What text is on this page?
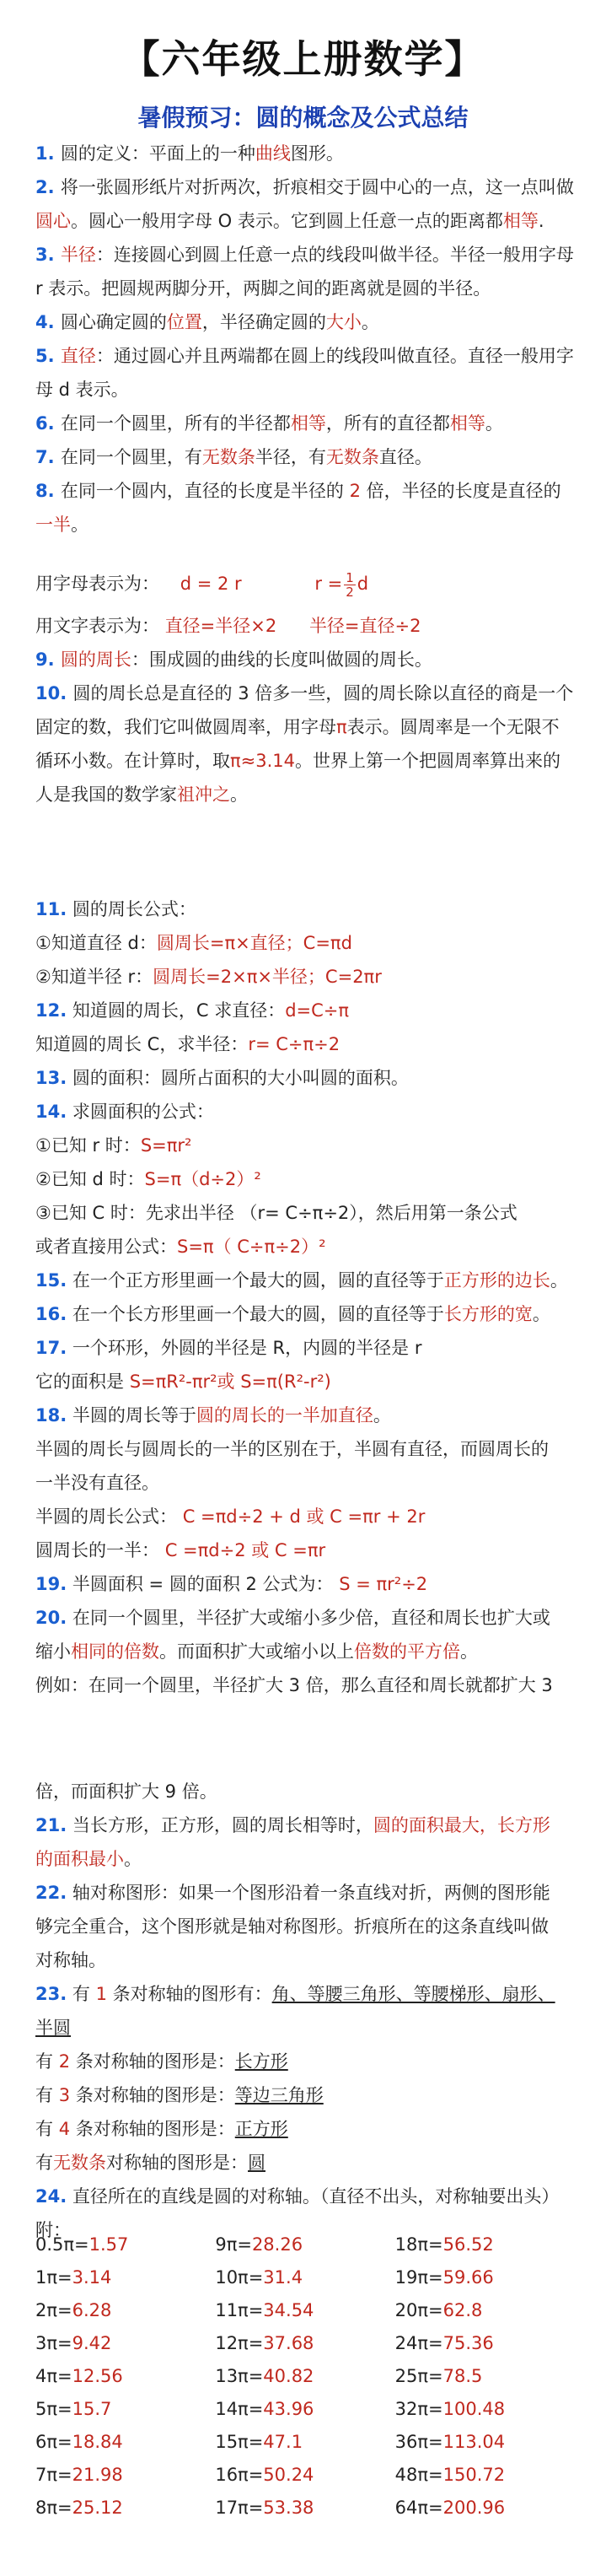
【六年级上册数学】
暑假预习：圆的概念及公式总结
1. 圆的定义：平面上的一种曲线图形。
2. 将一张圆形纸片对折两次，折痕相交于圆中心的一点，这一点叫做圆心。圆心一般用字母 O 表示。它到圆上任意一点的距离都相等.
3. 半径：连接圆心到圆上任意一点的线段叫做半径。半径一般用字母 r 表示。把圆规两脚分开，两脚之间的距离就是圆的半径。
4. 圆心确定圆的位置，半径确定圆的大小。
5. 直径：通过圆心并且两端都在圆上的线段叫做直径。直径一般用字母 d 表示。
6. 在同一个圆里，所有的半径都相等，所有的直径都相等。
7. 在同一个圆里，有无数条半径，有无数条直径。
8. 在同一个圆内，直径的长度是半径的 2 倍，半径的长度是直径的一半。
用字母表示为： d = 2 r	$r = \frac{1}{2}$ d
用文字表示为： 直径=半径×2 半径=直径÷2
9. 圆的周长：围成圆的曲线的长度叫做圆的周长。
10. 圆的周长总是直径的 3 倍多一些，圆的周长除以直径的商是一个固定的数，我们它叫做圆周率，用字母π表示。圆周率是一个无限不循环小数。在计算时，取π≈3.14。世界上第一个把圆周率算出来的人是我国的数学家祖冲之。
11. 圆的周长公式：
①知道直径 d：圆周长=π×直径；C=πd
②知道半径 r：圆周长=2×π×半径；C=2πr
12. 知道圆的周长，C 求直径：d=C÷π
知道圆的周长 C，求半径：r= C÷π÷2
13. 圆的面积：圆所占面积的大小叫圆的面积。
14. 求圆面积的公式：
①已知 r 时：S=πr²
②已知 d 时：S=π（d÷2）²
③已知 C 时：先求出半径 （r= C÷π÷2），然后用第一条公式
或者直接用公式：S=π（ C÷π÷2）²
15. 在一个正方形里画一个最大的圆，圆的直径等于正方形的边长。
16. 在一个长方形里画一个最大的圆，圆的直径等于长方形的宽。
17. 一个环形，外圆的半径是 R，内圆的半径是 r
它的面积是 S=πR²-πr²或 S=π(R²-r²)
18. 半圆的周长等于圆的周长的一半加直径。
半圆的周长与圆周长的一半的区别在于，半圆有直径，而圆周长的
一半没有直径。
半圆的周长公式： C =πd÷2 + d 或 C =πr + 2r
圆周长的一半： C =πd÷2 或 C =πr
19. 半圆面积 = 圆的面积 2 公式为： S = πr²÷2
20. 在同一个圆里，半径扩大或缩小多少倍，直径和周长也扩大或
缩小相同的倍数。而面积扩大或缩小以上倍数的平方倍。
例如：在同一个圆里，半径扩大 3 倍，那么直径和周长就都扩大 3
倍，而面积扩大 9 倍。
21. 当长方形，正方形，圆的周长相等时，圆的面积最大，长方形
的面积最小。
22. 轴对称图形：如果一个图形沿着一条直线对折，两侧的图形能
够完全重合，这个图形就是轴对称图形。折痕所在的这条直线叫做
对称轴。
23. 有 1 条对称轴的图形有：角、等腰三角形、等腰梯形、扇形、
半圆
有 2 条对称轴的图形是：长方形
有 3 条对称轴的图形是：等边三角形
有 4 条对称轴的图形是：正方形
有无数条对称轴的图形是：圆
24. 直径所在的直线是圆的对称轴。（直径不出头，对称轴要出头）
附：
0.5π=1.57	9π=28.26	18π=56.52
1π=3.14	10π=31.4	19π=59.66
2π=6.28	11π=34.54	20π=62.8
3π=9.42	12π=37.68	24π=75.36
4π=12.56	13π=40.82	25π=78.5
5π=15.7	14π=43.96	32π=100.48
6π=18.84	15π=47.1	36π=113.04
7π=21.98	16π=50.24	48π=150.72
8π=25.12	17π=53.38	64π=200.96
